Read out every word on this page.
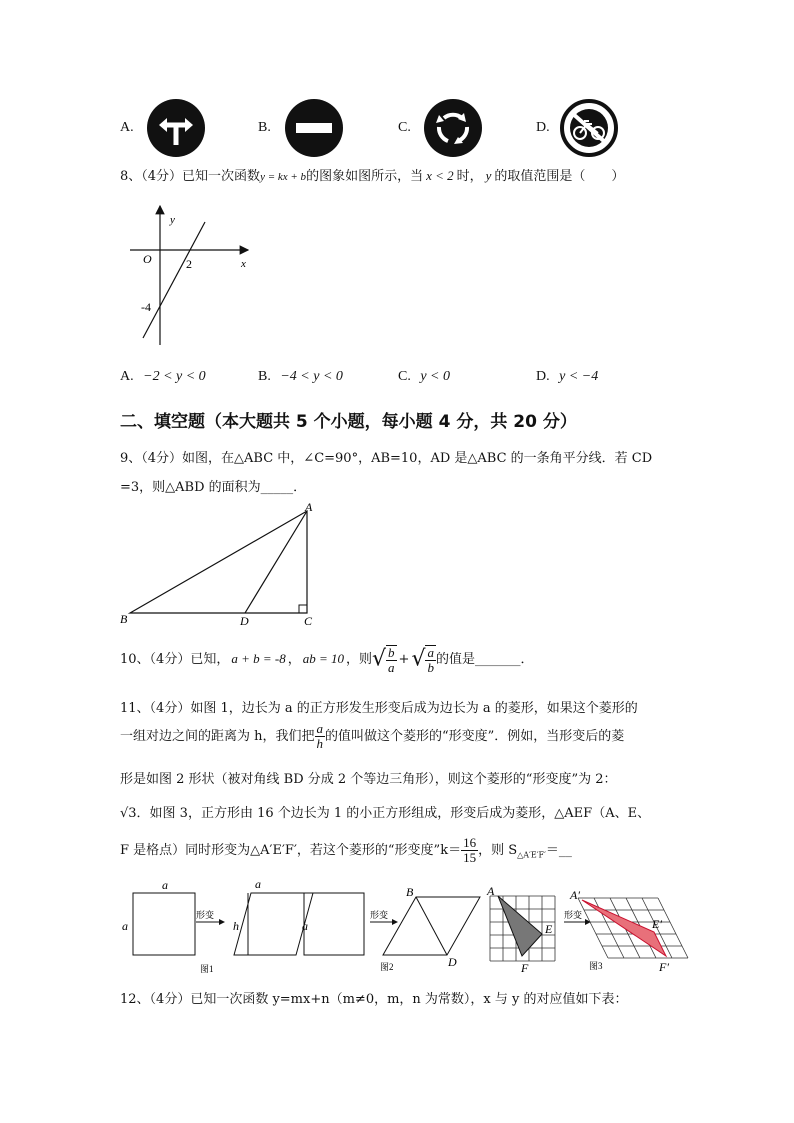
A.	B.	C.	D.
8、（4分）已知一次函数y = kx + b的图象如图所示，当 x < 2 时， y 的取值范围是（　　）
y
x
O	2
-4
A. −2 < y < 0	B. −4 < y < 0	C. y < 0	D. y < −4
二、填空题（本大题共 5 个小题，每小题 4 分，共 20 分）
9、（4分）如图，在△ABC 中，∠C=90°，AB=10，AD 是△ABC 的一条角平分线．若 CD
=3，则△ABD 的面积为_____．
A
B	C
D
10、（4分）已知， a + b = -8 ， ab = 10 ，则√ $\frac{b}{a}$ +√ $\frac{a}{b}$ 的值是_______．
11、（4分）如图 1，边长为 a 的正方形发生形变后成为边长为 a 的菱形，如果这个菱形的
一组对边之间的距离为 h，我们把 $\frac{a}{h}$ 的值叫做这个菱形的“形变度”．例如，当形变后的菱
形是如图 2 形状（被对角线 BD 分成 2 个等边三角形），则这个菱形的“形变度”为 2：
√3．如图 3，正方形由 16 个边长为 1 的小正方形组成，形变后成为菱形，△AEF（A、E、
F 是格点）同时形变为△A′E′F′，若这个菱形的“形变度”k＝ $\frac{16}{15}$ ，则 $S_{\triangle A'E'F'}=\_\_$
a
a
形变
a
h	a
图1
形变
B
D
图2
A
E
F
形变
A′
E′
F′
图3
12、（4分）已知一次函数 y=mx+n（m≠0，m，n 为常数），x 与 y 的对应值如下表：
